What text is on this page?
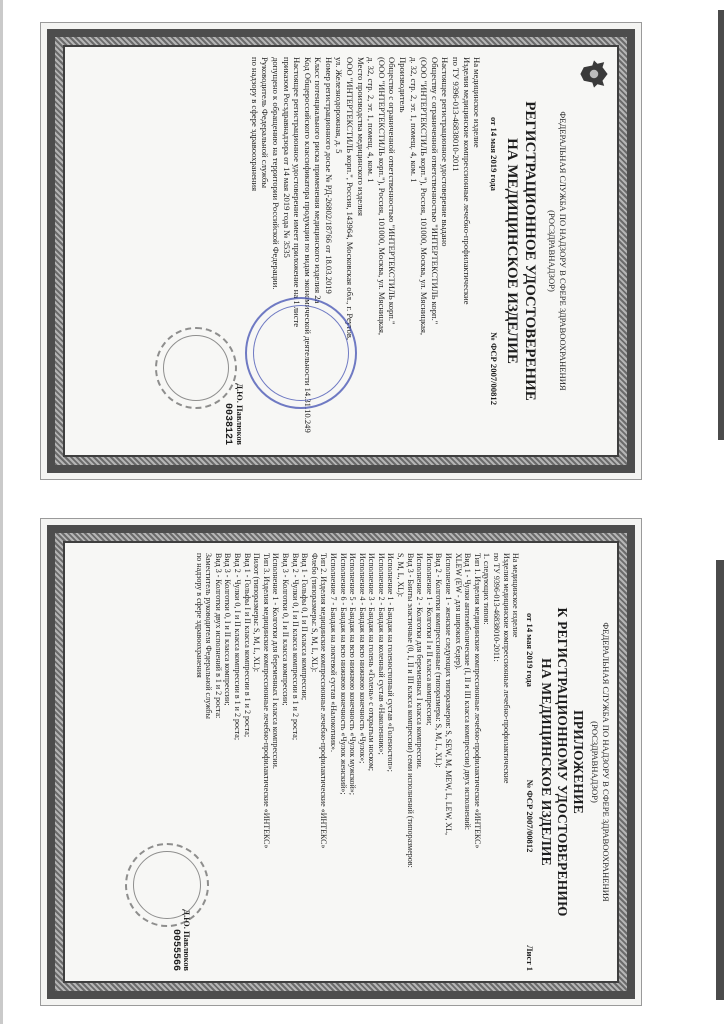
ФЕДЕРАЛЬНАЯ СЛУЖБА ПО НАДЗОРУ В СФЕРЕ ЗДРАВООХРАНЕНИЯ
(РОСЗДРАВНАДЗОР)
РЕГИСТРАЦИОННОЕ УДОСТОВЕРЕНИЕ
НА МЕДИЦИНСКОЕ ИЗДЕЛИЕ
от 14 мая 2019 года
№ ФСР 2007/00812
На медицинское изделие
Изделия медицинские компрессионные лечебно-профилактические
по ТУ 9396-013-46838010-2011
Настоящее регистрационное удостоверение выдано
Обществу с ограниченной ответственностью "ИНТЕРТЕКСТИЛЬ корп."
(ООО "ИНТЕРТЕКСТИЛЬ корп."), Россия, 101000, Москва, ул. Мясницкая,
д. 32, стр. 2, эт. 1, помещ. 4, ком. 1
Производитель
Общество с ограниченной ответственностью "ИНТЕРТЕКСТИЛЬ корп."
(ООО "ИНТЕРТЕКСТИЛЬ корп."), Россия, 101000, Москва, ул. Мясницкая,
д. 32, стр. 2, эт. 1, помещ. 4, ком. 1
Место производства медицинского изделия
ООО "ИНТЕРТЕКСТИЛЬ корп.", Россия, 143964, Московская обл., г. Реутов,
ул. Железнодорожная, д. 5
Номер регистрационного досье № РД-26802/18766 от 18.03.2019
Класс потенциального риска применения медицинского изделия 2а
Код Общероссийского классификатора продукции по видам экономической деятельности 14.31.10.249
Настоящее регистрационное удостоверение имеет приложение на 1 листе
приказом Росздравнадзора от 14 мая 2019 года № 3535
допущено к обращению на территории Российской Федерации.
Руководитель Федеральной службы
по надзору в сфере здравоохранения
Д.Ю. Павлюков
0038121
ФЕДЕРАЛЬНАЯ СЛУЖБА ПО НАДЗОРУ В СФЕРЕ ЗДРАВООХРАНЕНИЯ
(РОСЗДРАВНАДЗОР)
ПРИЛОЖЕНИЕ
К РЕГИСТРАЦИОННОМУ УДОСТОВЕРЕНИЮ
НА МЕДИЦИНСКОЕ ИЗДЕЛИЕ
от 14 мая 2019 года
№ ФСР 2007/00812
Лист 1
На медицинское изделие
Изделия медицинские компрессионные лечебно-профилактические
по ТУ 9396-013-46838010-2011:
1. следующих типов:
Тип 1. Изделия медицинские компрессионные лечебно-профилактические «ИНТЕКС»
Вид 1 - Чулки антиэмболические (I, II и III класса компрессии) двух исполнений:
XLEW (EW - для широких бедер).
Исполнение 1 - женские следующих типоразмеров: S, SEW, M, MEW, L, LEW, XL,
Вид 2 - Колготки компрессионные (типоразмеры: S, M, L, XL):
Исполнение 1 - Колготки I и II класса компрессии;
Исполнение 2 - Колготки для беременных I класса компрессии.
Вид 3 - Бинты эластичные (0, I, II и III класса компрессии) семи исполнений (типоразмеров:
S, M, L, XL):
Исполнение 1 - Бандаж на голеностопный сустав «Голеностоп»;
Исполнение 2 - Бандаж на коленный сустав «Наколенник»;
Исполнение 3 - Бандаж на голень «Голень» с открытым носком;
Исполнение 4 - Бандаж на всю нижнюю конечность «Чулок»;
Исполнение 5 - Бандаж на всю нижнюю конечность «Чулок мужской»;
Исполнение 6 - Бандаж на всю нижнюю конечность «Чулок женский»;
Исполнение 7 - Бандаж на локтевой сустав «Налокотник».
Тип 2. Изделия медицинские компрессионные лечебно-профилактические «ИНТЕКС»
Флебо (типоразмеры: S, M, L, XL):
Вид 1 - Гольфы 0, I и II класса компрессии;
Вид 2 - Чулки 0, I и II класса компрессии в 1 и 2 роста;
Вид 3 - Колготки 0, I и II класса компрессии;
Исполнение 1 - Колготки для беременных I класса компрессии.
Тип 3. Изделия медицинские компрессионные лечебно-профилактические «ИНТЕКС»
Пилот (типоразмеры: S, M, L, XL):
Вид 1 - Гольфы I и II класса компрессии в 1 и 2 роста;
Вид 2 - Чулки 0, I и II класса компрессии в 1 и 2 роста;
Вид 3 - Колготки 0, I и II класса компрессии;
Вид 3 - Колготки двух исполнений в 1 и 2 роста:
Заместитель руководителя Федеральной службы
по надзору в сфере здравоохранения
Д.Ю. Павлюков
0055566
